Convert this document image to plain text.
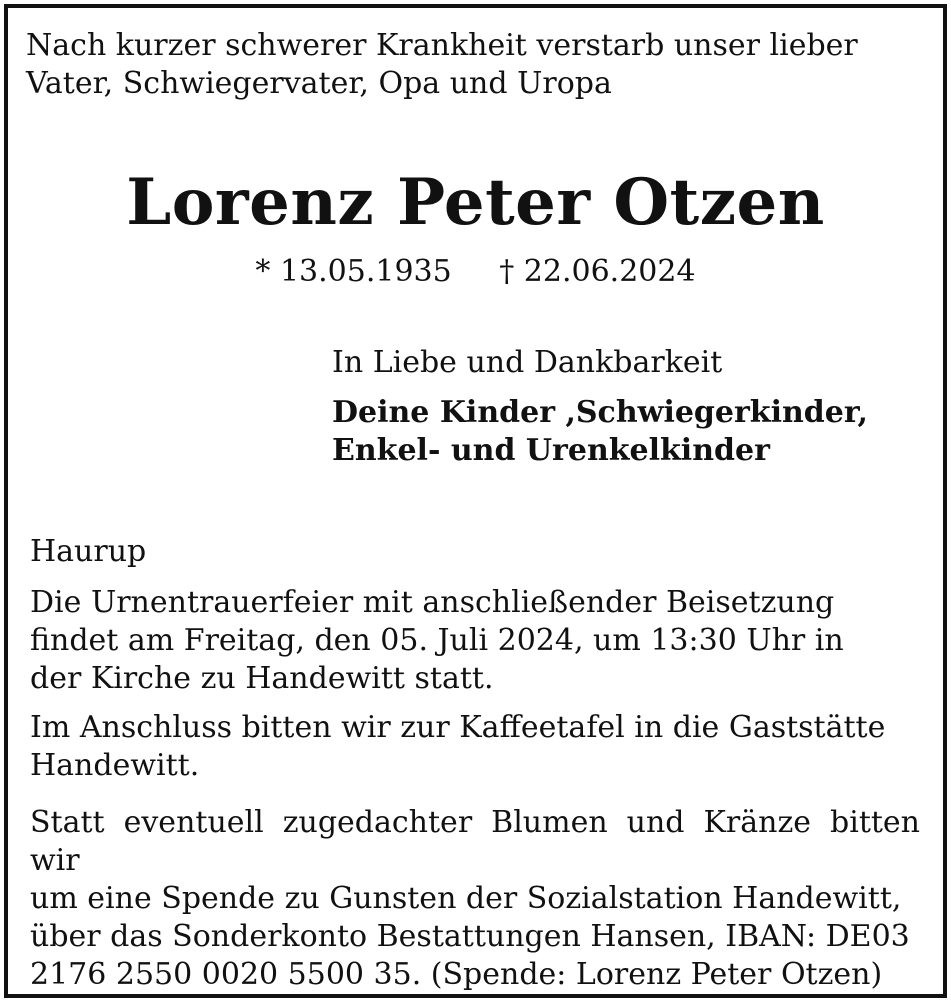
Nach kurzer schwerer Krankheit verstarb unser lieber
Vater, Schwiegervater, Opa und Uropa

Lorenz Peter Otzen
* 13.05.1935 † 22.06.2024
In Liebe und Dankbarkeit
Deine Kinder ,Schwiegerkinder,
Enkel- und Urenkelkinder
Haurup

Die Urnentrauerfeier mit anschließender Beisetzung
findet am Freitag, den 05. Juli 2024, um 13:30 Uhr in
der Kirche zu Handewitt statt.

Im Anschluss bitten wir zur Kaffeetafel in die Gaststätte
Handewitt.

Statt eventuell zugedachter Blumen und Kränze bitten wir
um eine Spende zu Gunsten der Sozialstation Handewitt,
über das Sonderkonto Bestattungen Hansen, IBAN: DE03
2176 2550 0020 5500 35. (Spende: Lorenz Peter Otzen)
